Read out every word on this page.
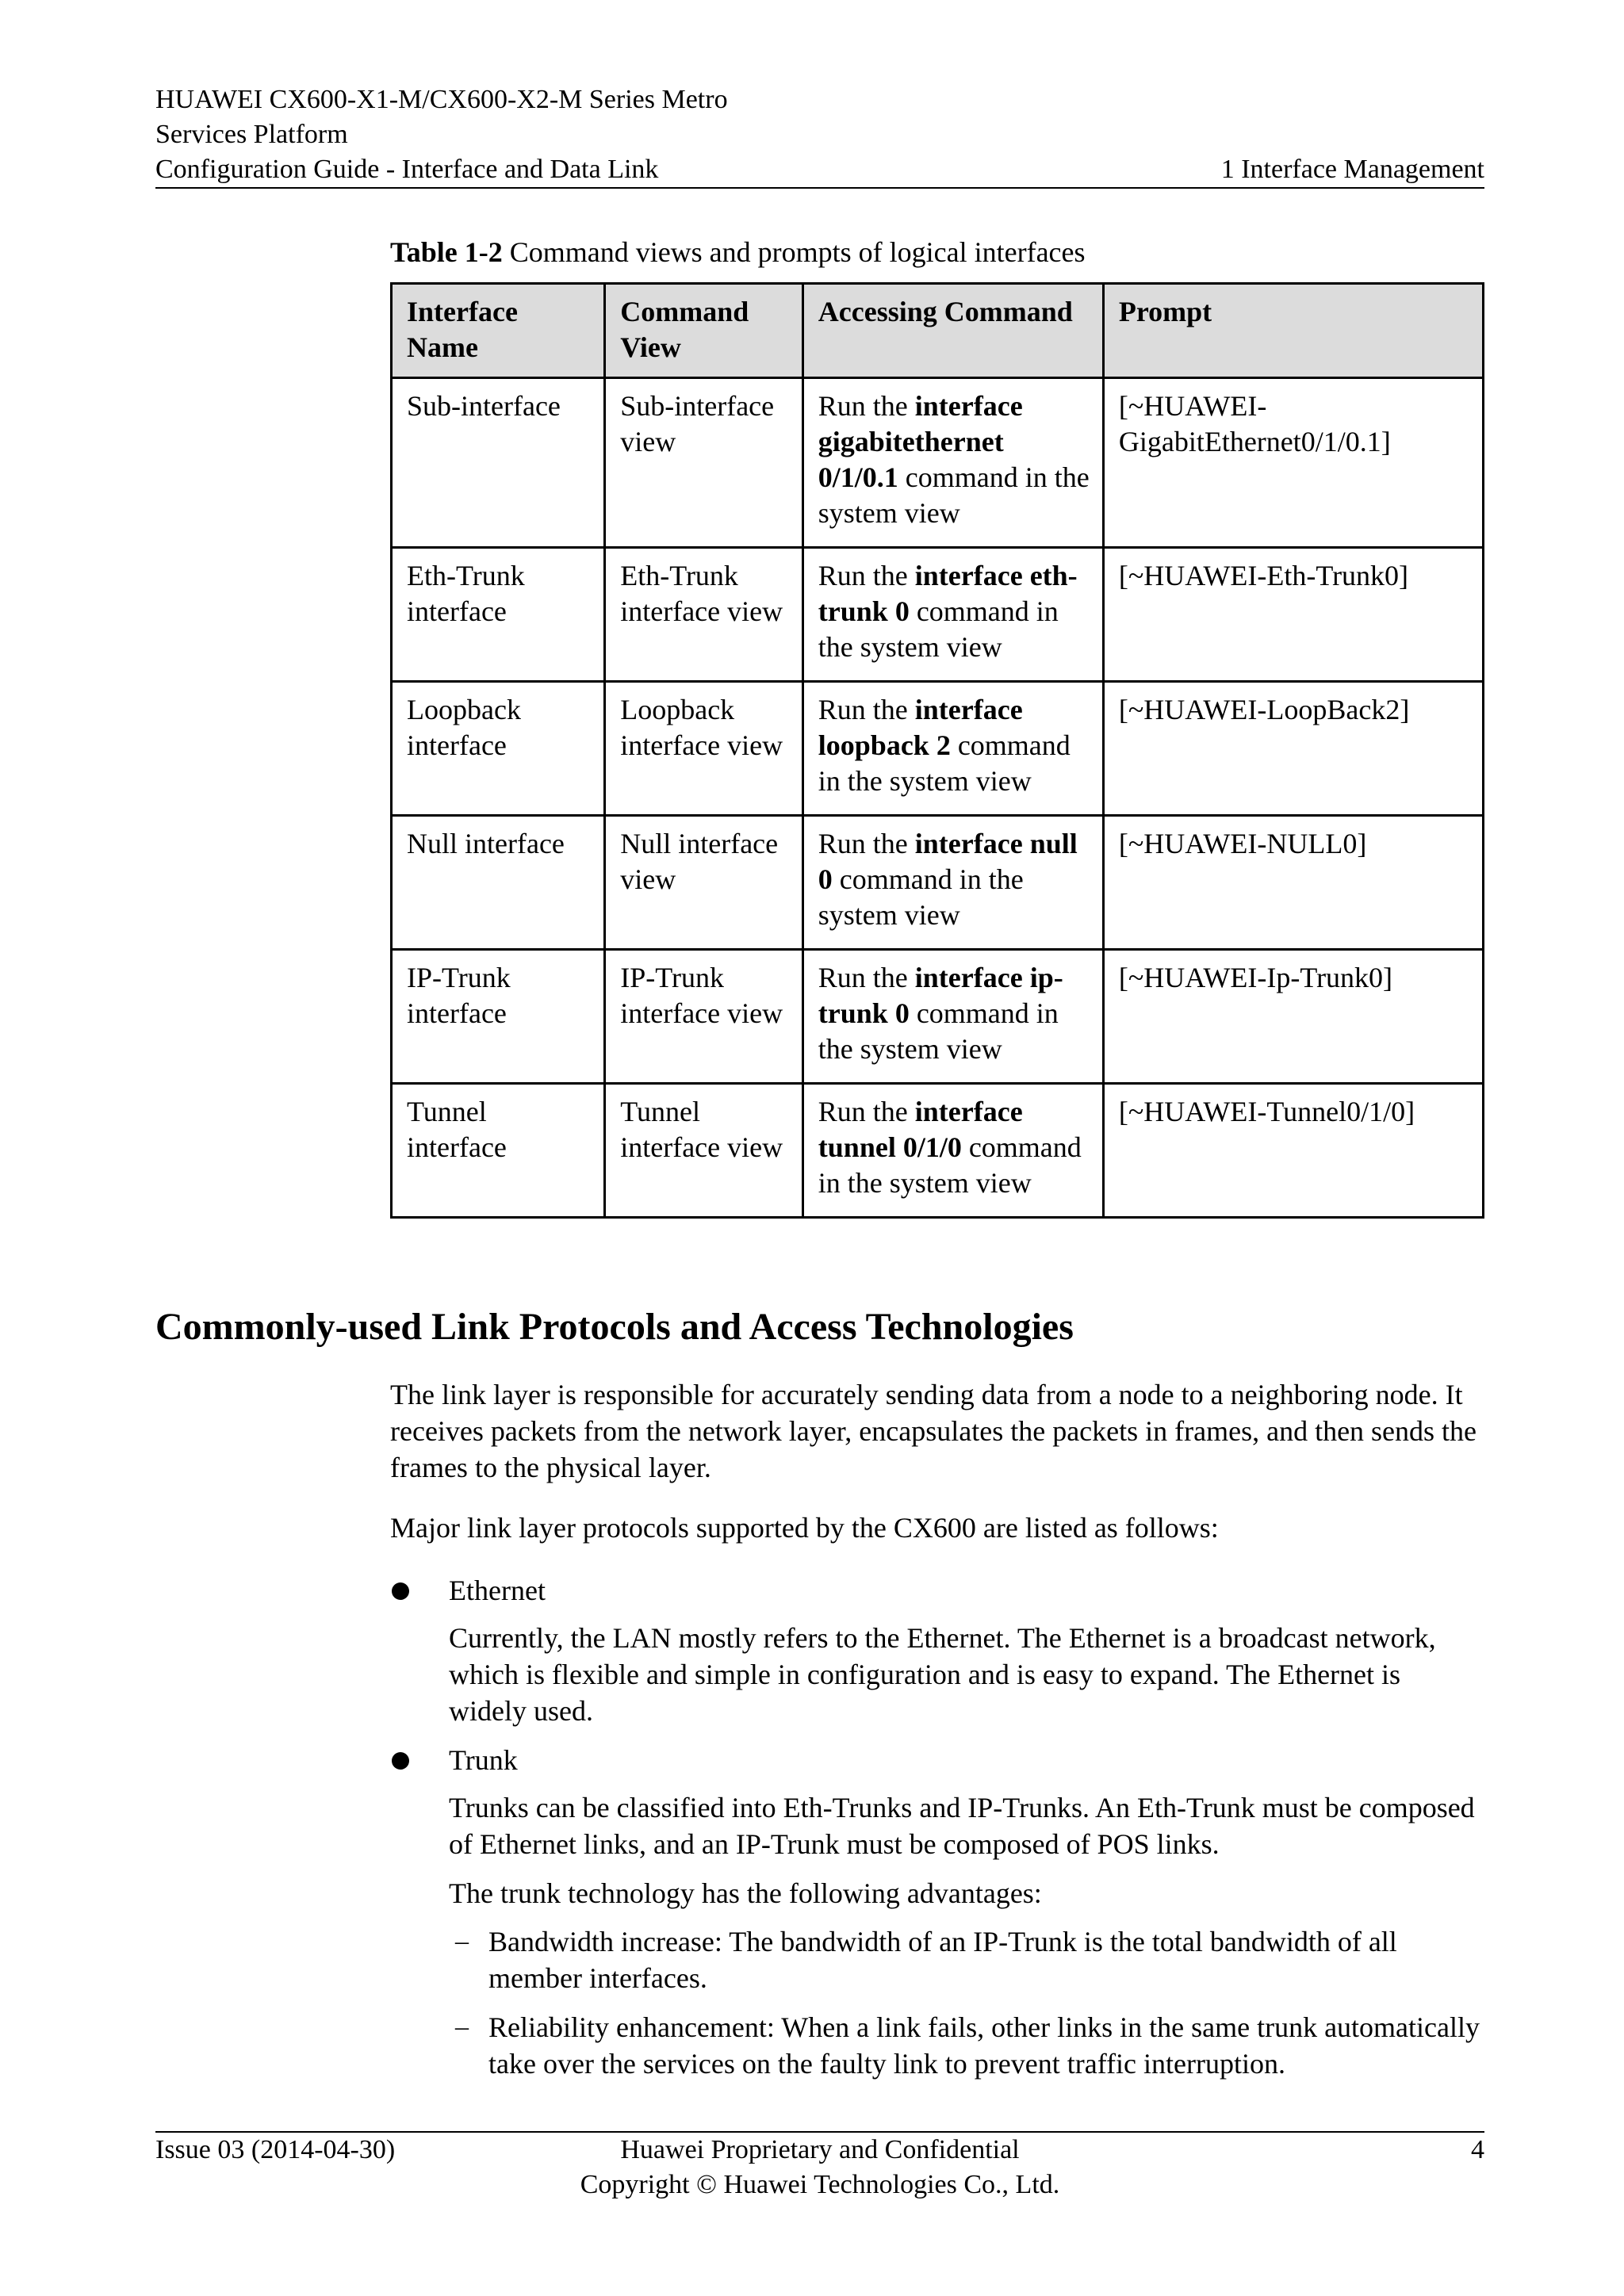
HUAWEI CX600-X1-M/CX600-X2-M Series Metro
Services Platform
Configuration Guide - Interface and Data Link	1 Interface Management
Table 1-2 Command views and prompts of logical interfaces
Interface Name	Command View	Accessing Command	Prompt
Sub-interface	Sub-interface view	Run the interface gigabitethernet 0/1/0.1 command in the system view	[~HUAWEI-GigabitEthernet0/1/0.1]
Eth-Trunk interface	Eth-Trunk interface view	Run the interface eth-trunk 0 command in the system view	[~HUAWEI-Eth-Trunk0]
Loopback interface	Loopback interface view	Run the interface loopback 2 command in the system view	[~HUAWEI-LoopBack2]
Null interface	Null interface view	Run the interface null 0 command in the system view	[~HUAWEI-NULL0]
IP-Trunk interface	IP-Trunk interface view	Run the interface ip-trunk 0 command in the system view	[~HUAWEI-Ip-Trunk0]
Tunnel interface	Tunnel interface view	Run the interface tunnel 0/1/0 command in the system view	[~HUAWEI-Tunnel0/1/0]
Commonly-used Link Protocols and Access Technologies
The link layer is responsible for accurately sending data from a node to a neighboring node. It receives packets from the network layer, encapsulates the packets in frames, and then sends the frames to the physical layer.
Major link layer protocols supported by the CX600 are listed as follows:
Ethernet
Currently, the LAN mostly refers to the Ethernet. The Ethernet is a broadcast network, which is flexible and simple in configuration and is easy to expand. The Ethernet is widely used.
Trunk
Trunks can be classified into Eth-Trunks and IP-Trunks. An Eth-Trunk must be composed of Ethernet links, and an IP-Trunk must be composed of POS links.
The trunk technology has the following advantages:
– Bandwidth increase: The bandwidth of an IP-Trunk is the total bandwidth of all member interfaces.
– Reliability enhancement: When a link fails, other links in the same trunk automatically take over the services on the faulty link to prevent traffic interruption.
Issue 03 (2014-04-30)	Huawei Proprietary and Confidential
Copyright © Huawei Technologies Co., Ltd.
4
